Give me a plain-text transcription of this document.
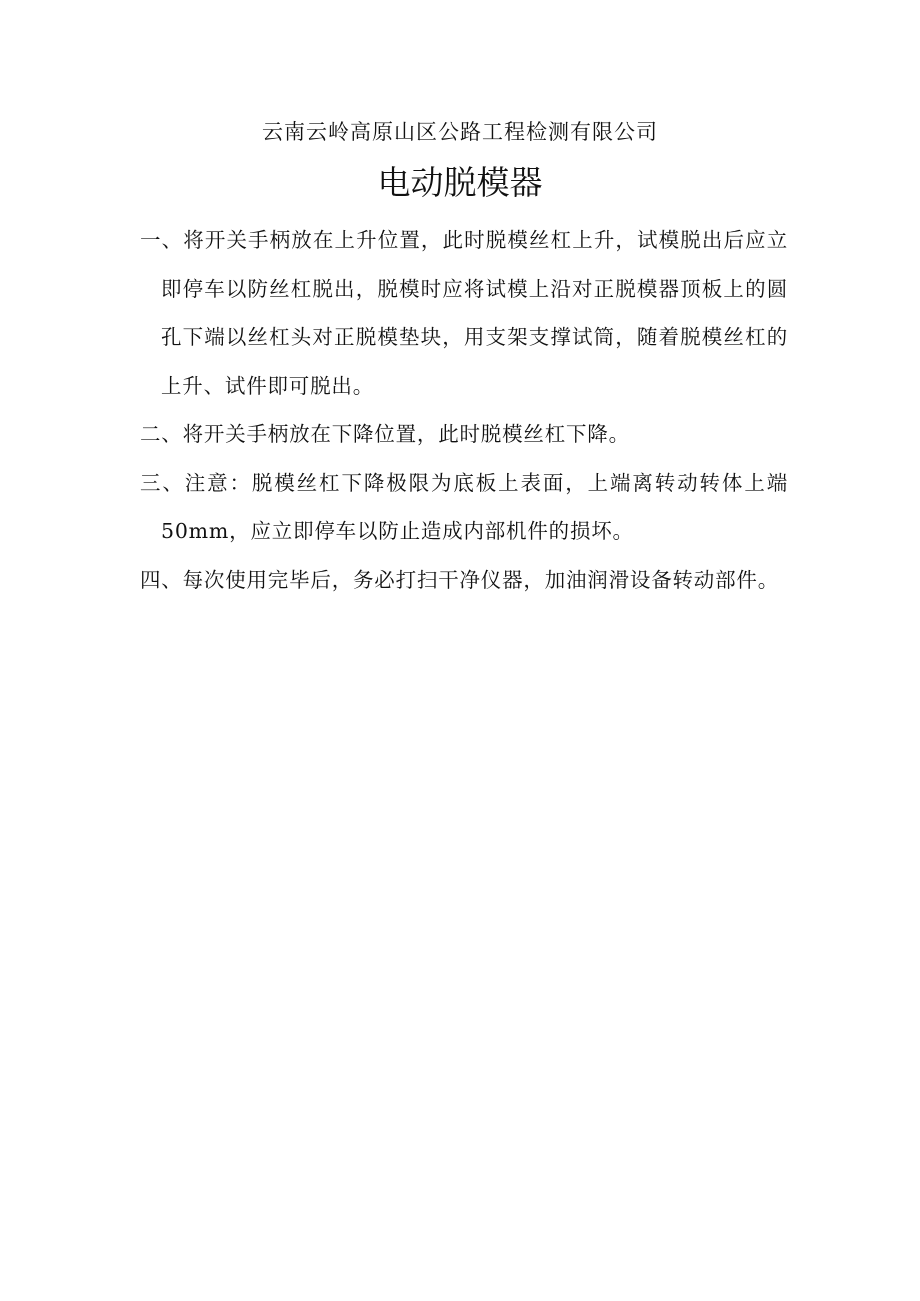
云南云岭高原山区公路工程检测有限公司
电动脱模器

一、将开关手柄放在上升位置，此时脱模丝杠上升，试模脱出后应立即停车以防丝杠脱出，脱模时应将试模上沿对正脱模器顶板上的圆孔下端以丝杠头对正脱模垫块，用支架支撑试筒，随着脱模丝杠的上升、试件即可脱出。

二、将开关手柄放在下降位置，此时脱模丝杠下降。

三、注意：脱模丝杠下降极限为底板上表面，上端离转动转体上端50mm，应立即停车以防止造成内部机件的损坏。

四、每次使用完毕后，务必打扫干净仪器，加油润滑设备转动部件。
